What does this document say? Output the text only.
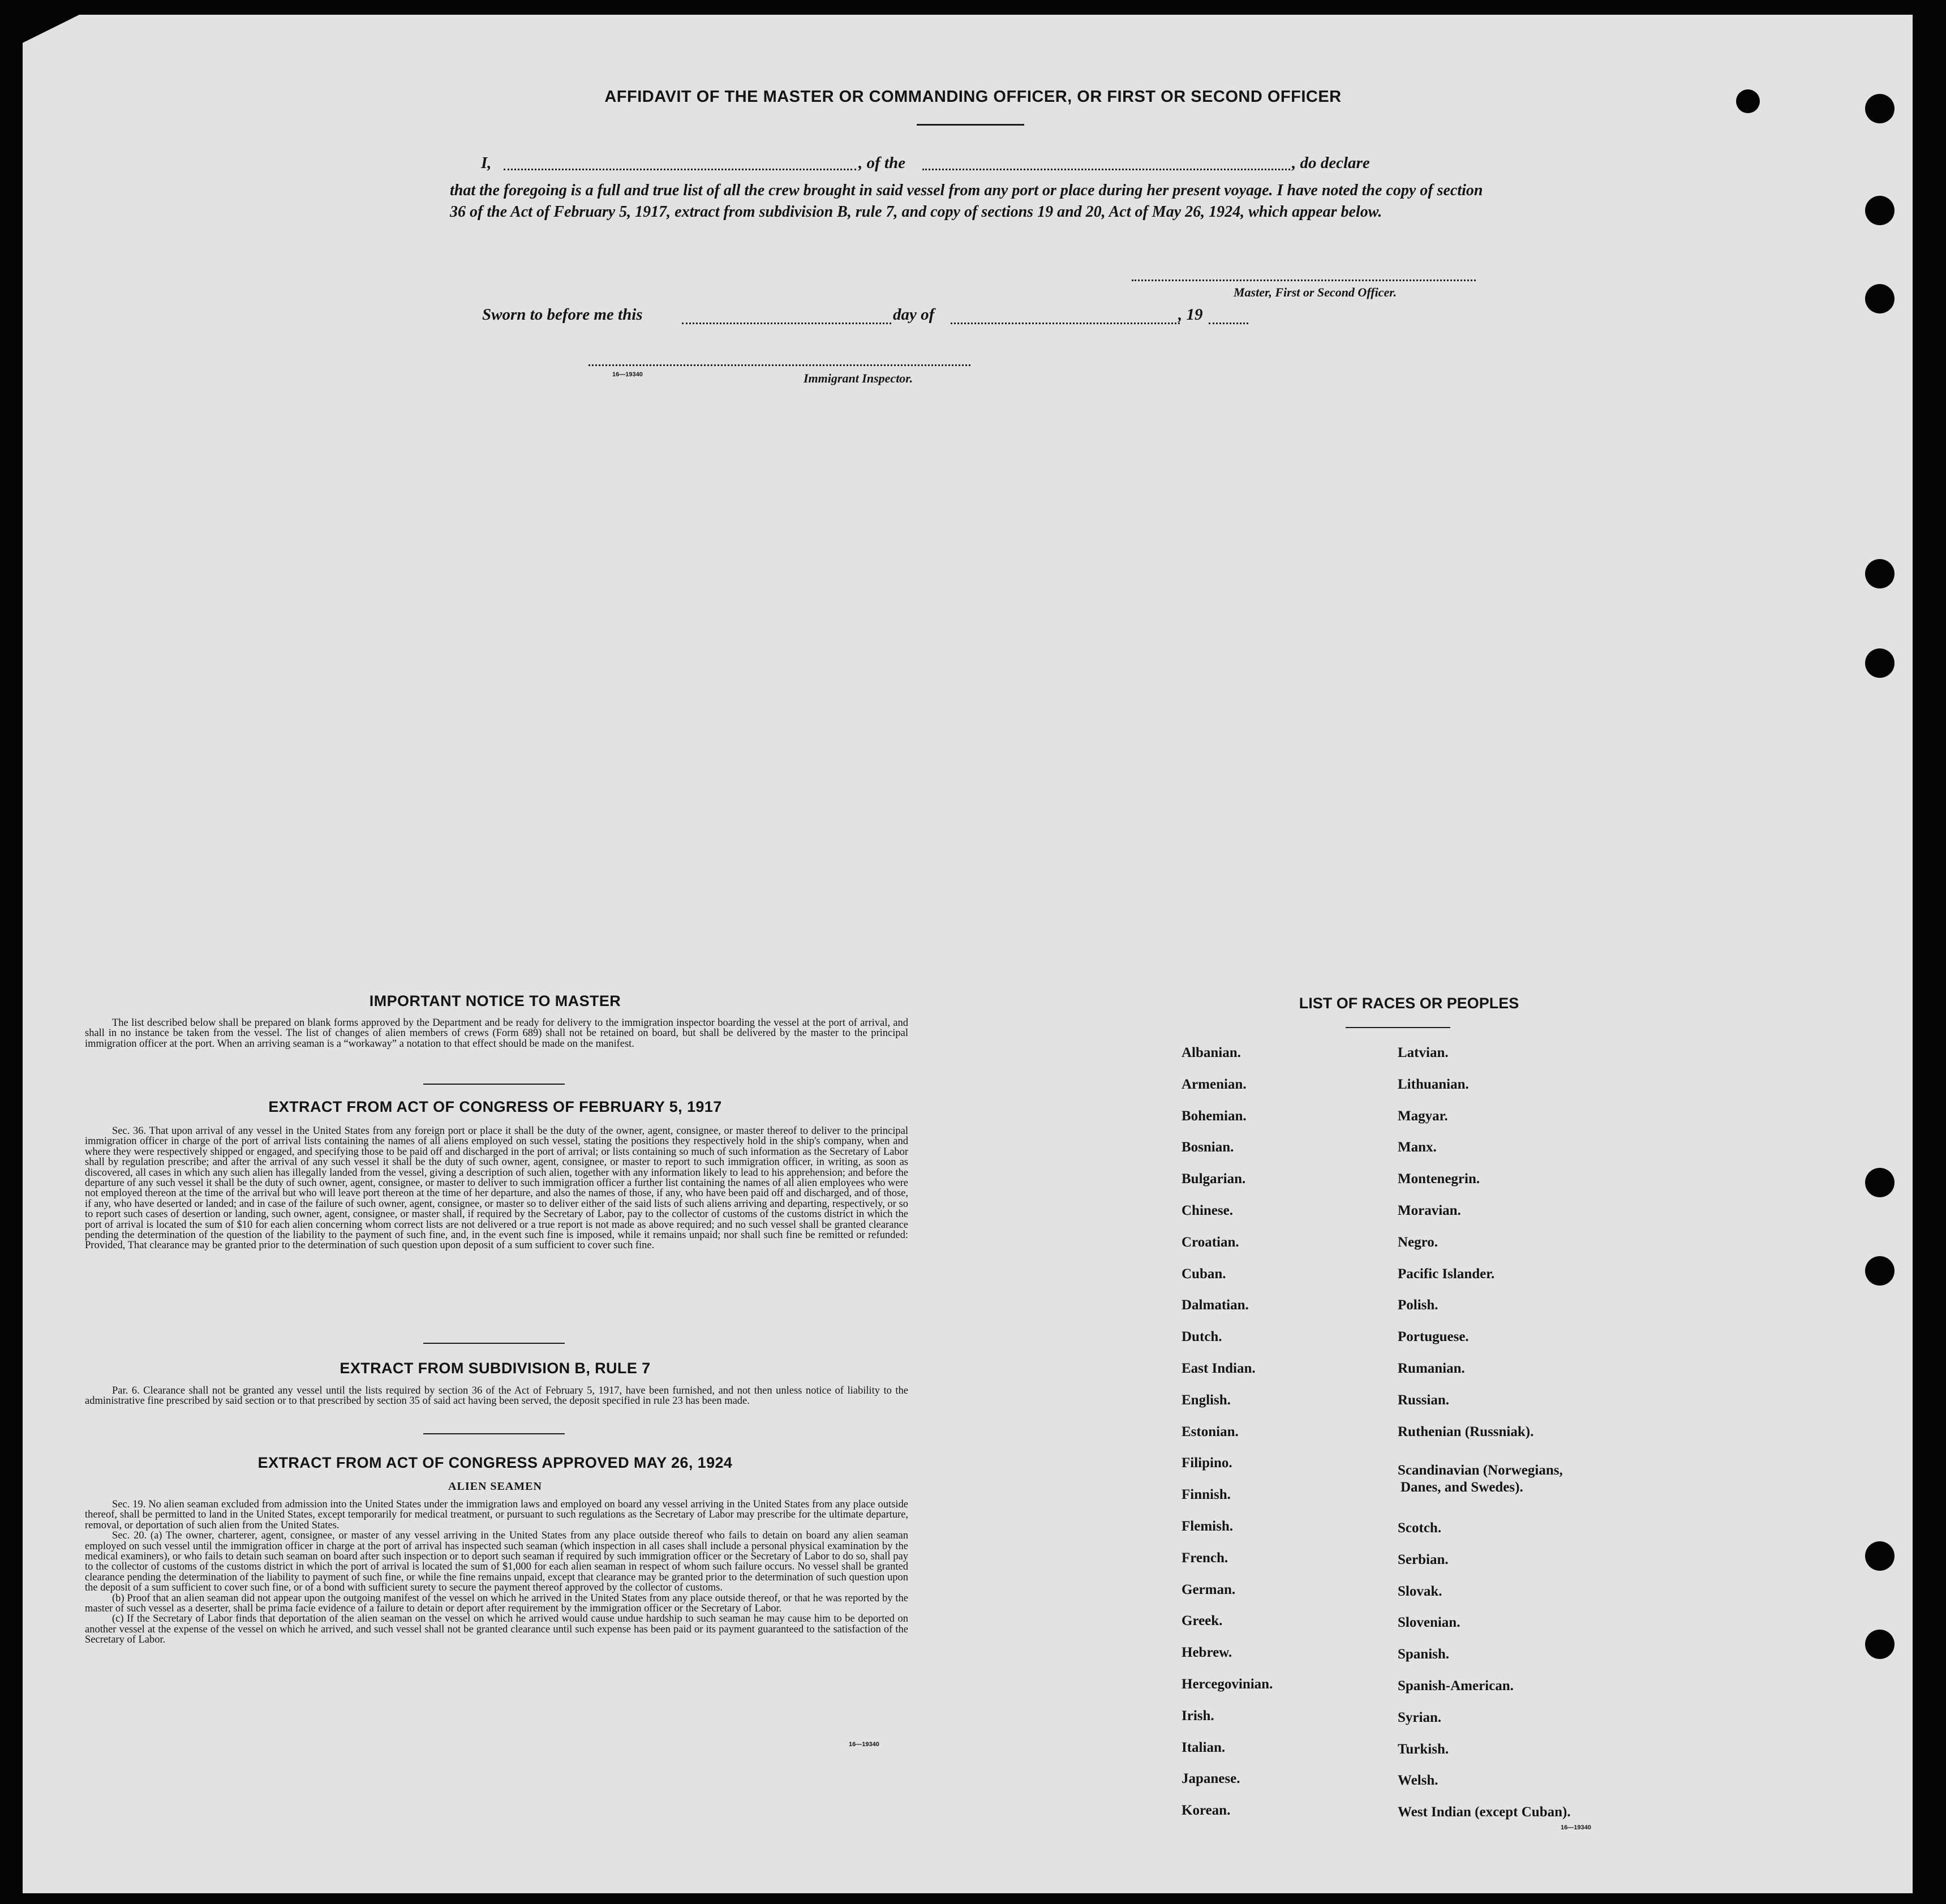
AFFIDAVIT OF THE MASTER OR COMMANDING OFFICER, OR FIRST OR SECOND OFFICER
I,	, of the	, do declare
that the foregoing is a full and true list of all the crew brought in said vessel from any port or place during her present voyage. I have noted the copy of section 36 of the Act of February 5, 1917, extract from subdivision B, rule 7, and copy of sections 19 and 20, Act of May 26, 1924, which appear below.
Master, First or Second Officer.
Sworn to before me this	day of	, 19
16—19340	Immigrant Inspector.
IMPORTANT NOTICE TO MASTER
The list described below shall be prepared on blank forms approved by the Department and be ready for delivery to the immigration inspector boarding the vessel at the port of arrival, and shall in no instance be taken from the vessel. The list of changes of alien members of crews (Form 689) shall not be retained on board, but shall be delivered by the master to the principal immigration officer at the port. When an arriving seaman is a “workaway” a notation to that effect should be made on the manifest.
EXTRACT FROM ACT OF CONGRESS OF FEBRUARY 5, 1917
Sec. 36. That upon arrival of any vessel in the United States from any foreign port or place it shall be the duty of the owner, agent, consignee, or master thereof to deliver to the principal immigration officer in charge of the port of arrival lists containing the names of all aliens employed on such vessel, stating the positions they respectively hold in the ship's company, when and where they were respectively shipped or engaged, and specifying those to be paid off and discharged in the port of arrival; or lists containing so much of such information as the Secretary of Labor shall by regulation prescribe; and after the arrival of any such vessel it shall be the duty of such owner, agent, consignee, or master to report to such immigration officer, in writing, as soon as discovered, all cases in which any such alien has illegally landed from the vessel, giving a description of such alien, together with any information likely to lead to his apprehension; and before the departure of any such vessel it shall be the duty of such owner, agent, consignee, or master to deliver to such immigration officer a further list containing the names of all alien employees who were not employed thereon at the time of the arrival but who will leave port thereon at the time of her departure, and also the names of those, if any, who have been paid off and discharged, and of those, if any, who have deserted or landed; and in case of the failure of such owner, agent, consignee, or master so to deliver either of the said lists of such aliens arriving and departing, respectively, or so to report such cases of desertion or landing, such owner, agent, consignee, or master shall, if required by the Secretary of Labor, pay to the collector of customs of the customs district in which the port of arrival is located the sum of $10 for each alien concerning whom correct lists are not delivered or a true report is not made as above required; and no such vessel shall be granted clearance pending the determination of the question of the liability to the payment of such fine, and, in the event such fine is imposed, while it remains unpaid; nor shall such fine be remitted or refunded: Provided, That clearance may be granted prior to the determination of such question upon deposit of a sum sufficient to cover such fine.
EXTRACT FROM SUBDIVISION B, RULE 7
Par. 6. Clearance shall not be granted any vessel until the lists required by section 36 of the Act of February 5, 1917, have been furnished, and not then unless notice of liability to the administrative fine prescribed by said section or to that prescribed by section 35 of said act having been served, the deposit specified in rule 23 has been made.
EXTRACT FROM ACT OF CONGRESS APPROVED MAY 26, 1924
ALIEN SEAMEN

Sec. 19. No alien seaman excluded from admission into the United States under the immigration laws and employed on board any vessel arriving in the United States from any place outside thereof, shall be permitted to land in the United States, except temporarily for medical treatment, or pursuant to such regulations as the Secretary of Labor may prescribe for the ultimate departure, removal, or deportation of such alien from the United States.

Sec. 20. (a) The owner, charterer, agent, consignee, or master of any vessel arriving in the United States from any place outside thereof who fails to detain on board any alien seaman employed on such vessel until the immigration officer in charge at the port of arrival has inspected such seaman (which inspection in all cases shall include a personal physical examination by the medical examiners), or who fails to detain such seaman on board after such inspection or to deport such seaman if required by such immigration officer or the Secretary of Labor to do so, shall pay to the collector of customs of the customs district in which the port of arrival is located the sum of $1,000 for each alien seaman in respect of whom such failure occurs. No vessel shall be granted clearance pending the determination of the liability to payment of such fine, or while the fine remains unpaid, except that clearance may be granted prior to the determination of such question upon the deposit of a sum sufficient to cover such fine, or of a bond with sufficient surety to secure the payment thereof approved by the collector of customs.

(b) Proof that an alien seaman did not appear upon the outgoing manifest of the vessel on which he arrived in the United States from any place outside thereof, or that he was reported by the master of such vessel as a deserter, shall be prima facie evidence of a failure to detain or deport after requirement by the immigration officer or the Secretary of Labor.

(c) If the Secretary of Labor finds that deportation of the alien seaman on the vessel on which he arrived would cause undue hardship to such seaman he may cause him to be deported on another vessel at the expense of the vessel on which he arrived, and such vessel shall not be granted clearance until such expense has been paid or its payment guaranteed to the satisfaction of the Secretary of Labor.

16—19340
LIST OF RACES OR PEOPLES
Albanian.
Armenian.
Bohemian.
Bosnian.
Bulgarian.
Chinese.
Croatian.
Cuban.
Dalmatian.
Dutch.
East Indian.
English.
Estonian.
Filipino.
Finnish.
Flemish.
French.
German.
Greek.
Hebrew.
Hercegovinian.
Irish.
Italian.
Japanese.
Korean.
Latvian.
Lithuanian.
Magyar.
Manx.
Montenegrin.
Moravian.
Negro.
Pacific Islander.
Polish.
Portuguese.
Rumanian.
Russian.
Ruthenian (Russniak).
Scandinavian (Norwegians,
Danes, and Swedes).
Scotch.
Serbian.
Slovak.
Slovenian.
Spanish.
Spanish-American.
Syrian.
Turkish.
Welsh.
West Indian (except Cuban).
16—19340
